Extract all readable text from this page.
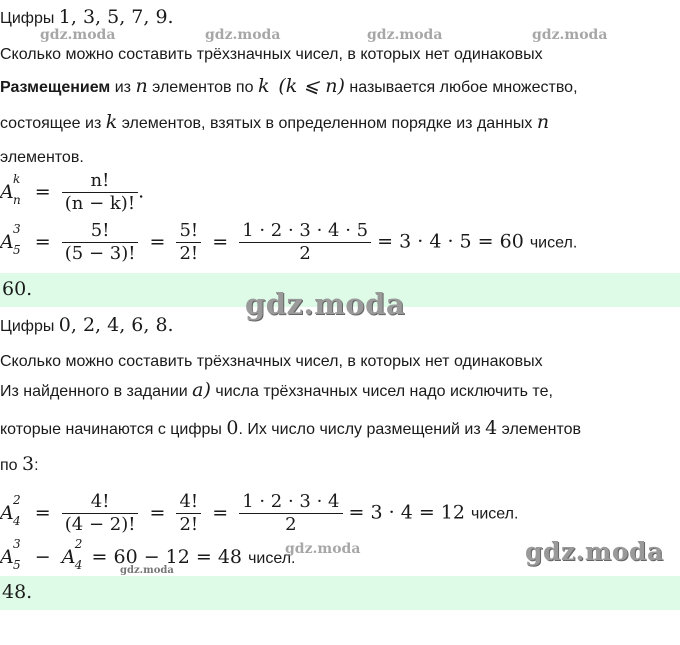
Цифры 1, 3, 5, 7, 9.
Сколько можно составить трёхзначных чисел, в которых нет одинаковых
Размещением из n элементов по k (k ⩽ n) называется любое множество,
состоящее из k элементов, взятых в определенном порядке из данных n
элементов.
A
k
$n = \frac{n!}{(n - k)!}$ .
A
3
$5 = \frac{5!}{(5 - 3)!} = \frac{5!}{2!} = \frac{1 \cdot 2 \cdot 3 \cdot 4 \cdot 5}{2} = 3 \cdot 4 \cdot 5 = 60$ чисел.
60.
Цифры 0, 2, 4, 6, 8.
Сколько можно составить трёхзначных чисел, в которых нет одинаковых
Из найденного в задании a) числа трёхзначных чисел надо исключить те,
которые начинаются с цифры 0. Их число числу размещений из 4 элементов
по 3:
A
2
$4 = \frac{4!}{(4 - 2)!} = \frac{4!}{2!} = \frac{1 \cdot 2 \cdot 3 \cdot 4}{2} = 3 \cdot 4 = 12$ чисел.
A
3
5 − A
2
4 = 60 − 12 = 48 чисел.
48.
gdz.moda	gdz.moda	gdz.moda	gdz.moda
gdz.moda
gdz.moda	gdz.moda
gdz.moda
